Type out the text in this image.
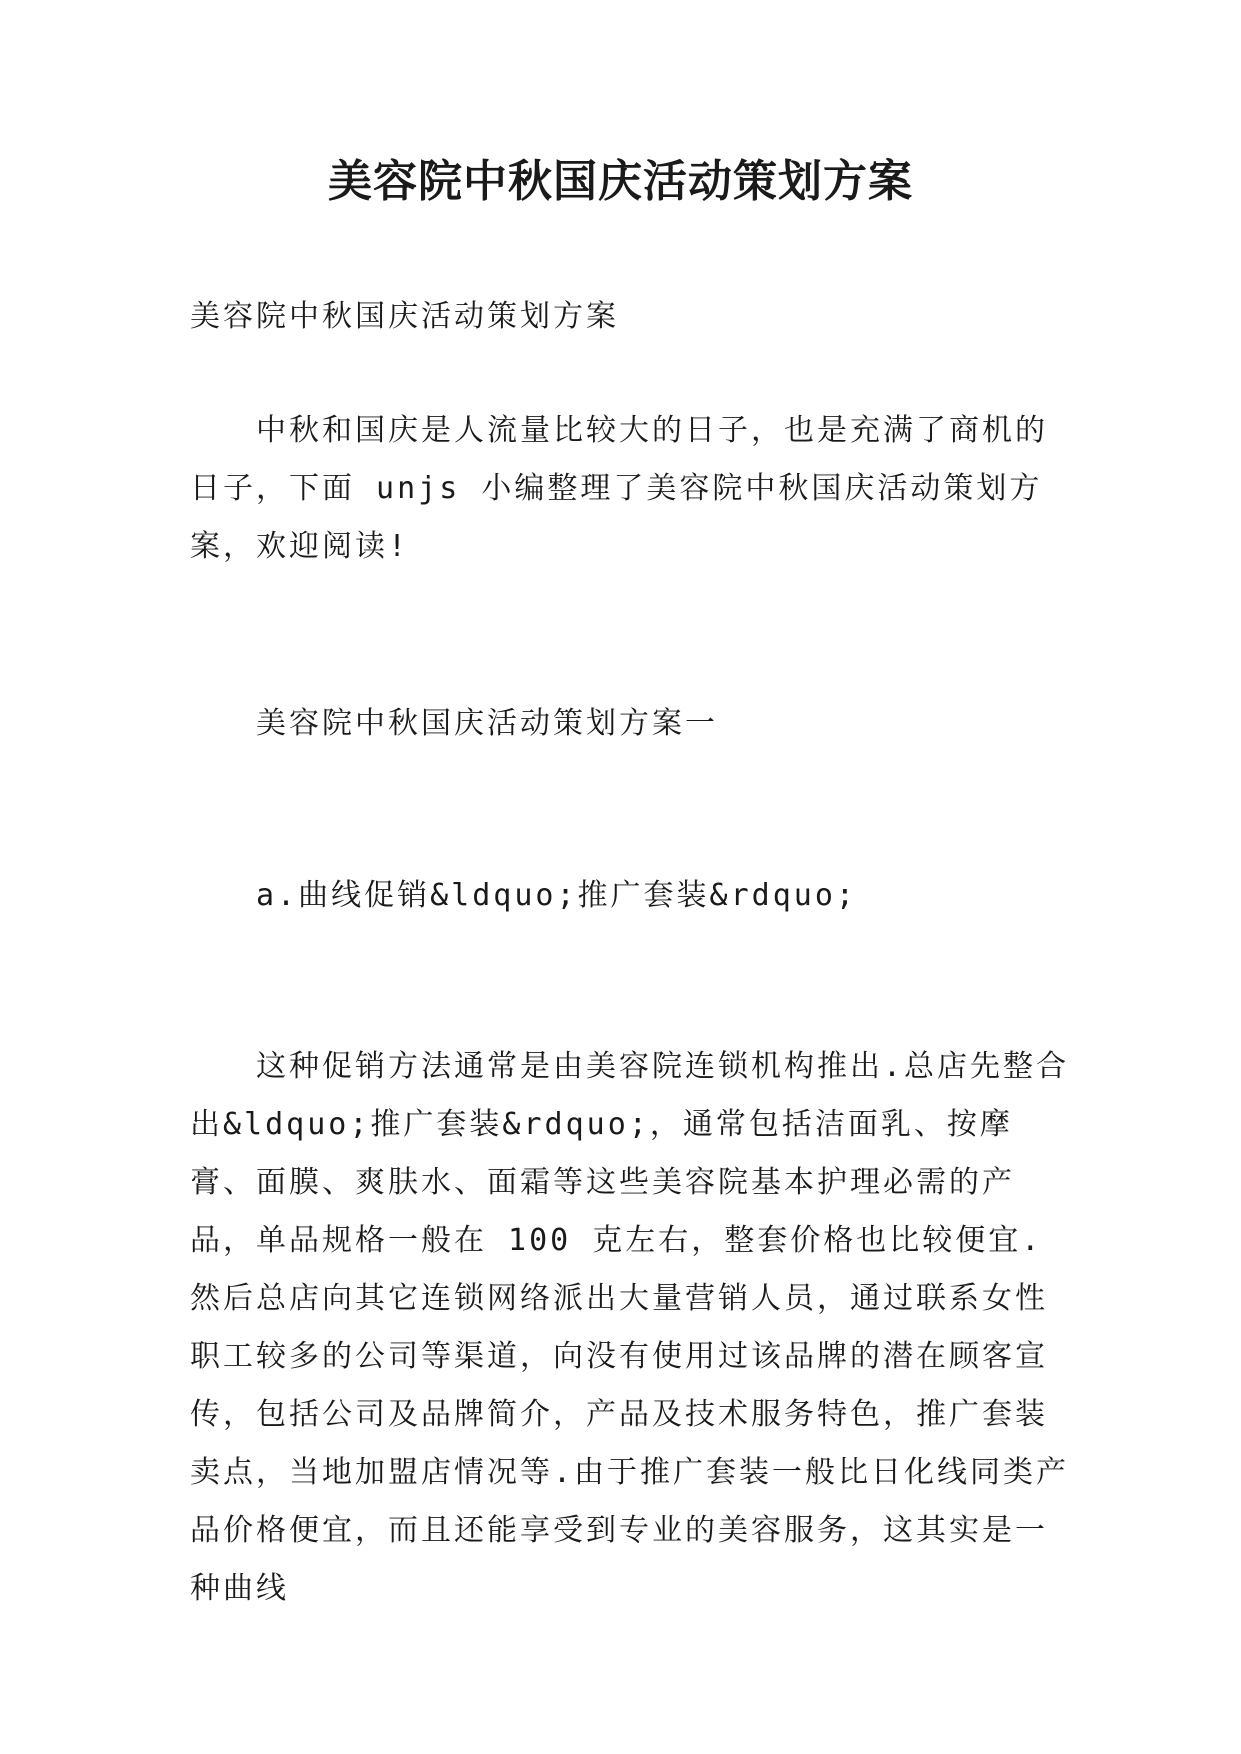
美容院中秋国庆活动策划方案

美容院中秋国庆活动策划方案

中秋和国庆是人流量比较大的日子，也是充满了商机的日子，下面 unjs 小编整理了美容院中秋国庆活动策划方案，欢迎阅读!

美容院中秋国庆活动策划方案一

a.曲线促销&ldquo;推广套装&rdquo;

这种促销方法通常是由美容院连锁机构推出.总店先整合出&ldquo;推广套装&rdquo;，通常包括洁面乳、按摩膏、面膜、爽肤水、面霜等这些美容院基本护理必需的产品，单品规格一般在 100 克左右，整套价格也比较便宜.然后总店向其它连锁网络派出大量营销人员，通过联系女性职工较多的公司等渠道，向没有使用过该品牌的潜在顾客宣传，包括公司及品牌简介，产品及技术服务特色，推广套装卖点，当地加盟店情况等.由于推广套装一般比日化线同类产品价格便宜，而且还能享受到专业的美容服务，这其实是一种曲线
